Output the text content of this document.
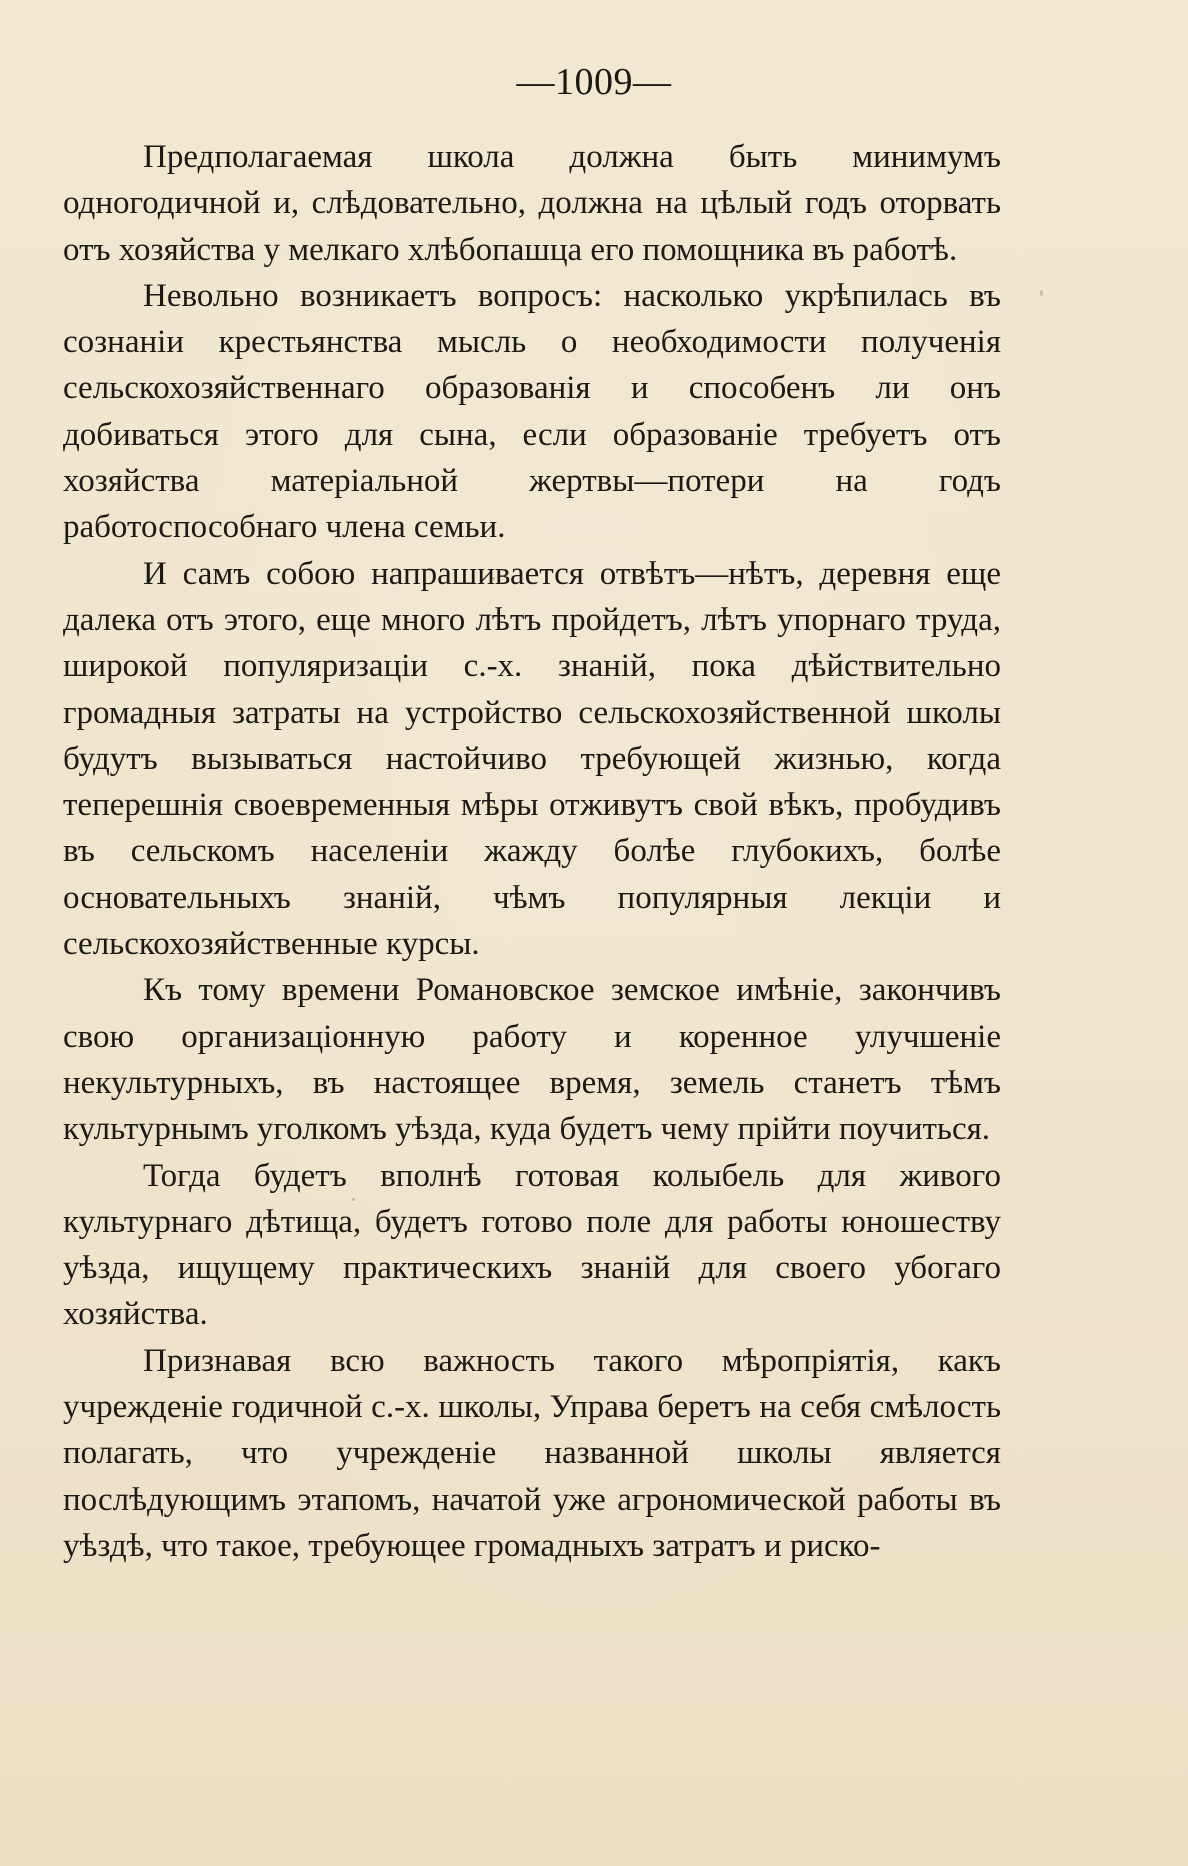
—1009—

Предполагаемая школа должна быть минимумъ одногодичной и, слѣдовательно, должна на цѣлый годъ оторвать отъ хозяйства у мелкаго хлѣбопашца его помощника въ работѣ.

Невольно возникаетъ вопросъ: насколько укрѣпилась въ сознаніи крестьянства мысль о необходимости полученія сельскохозяйственнаго образованія и способенъ ли онъ добиваться этого для сына, если образованіе требуетъ отъ хозяйства матеріальной жертвы—потери на годъ работоспособнаго члена семьи.

И самъ собою напрашивается отвѣтъ—нѣтъ, деревня еще далека отъ этого, еще много лѣтъ пройдетъ, лѣтъ упорнаго труда, широкой популяризаціи с.-х. знаній, пока дѣйствительно громадныя затраты на устройство сельскохозяйственной школы будутъ вызываться настойчиво требующей жизнью, когда теперешнія своевременныя мѣры отживутъ свой вѣкъ, пробудивъ въ сельскомъ населеніи жажду болѣе глубокихъ, болѣе основательныхъ знаній, чѣмъ популярныя лекціи и сельскохозяйственные курсы.

Къ тому времени Романовское земское имѣніе, закончивъ свою организаціонную работу и коренное улучшеніе некультурныхъ, въ настоящее время, земель станетъ тѣмъ культурнымъ уголкомъ уѣзда, куда будетъ чему прійти поучиться.

Тогда будетъ вполнѣ готовая колыбель для живого культурнаго дѣтища, будетъ готово поле для работы юношеству уѣзда, ищущему практическихъ знаній для своего убогаго хозяйства.

Признавая всю важность такого мѣропріятія, какъ учрежденіе годичной с.-х. школы, Управа беретъ на себя смѣлость полагать, что учрежденіе названной школы является послѣдующимъ этапомъ, начатой уже агрономической работы въ уѣздѣ, что такое, требующее громадныхъ затратъ и риско-
